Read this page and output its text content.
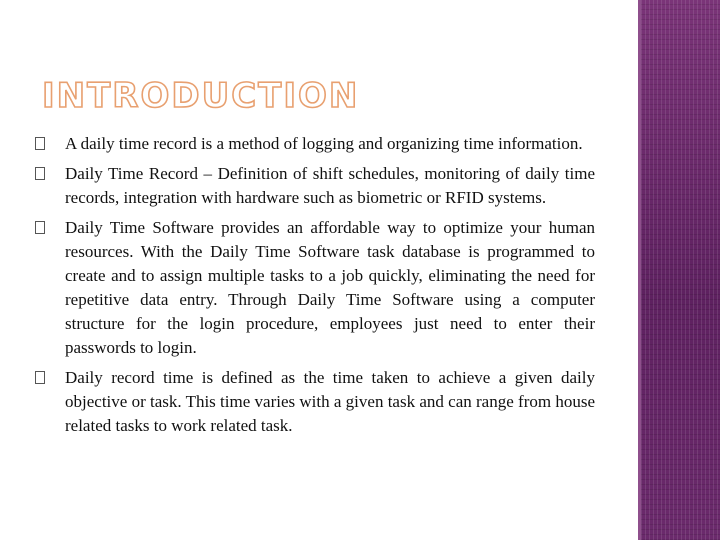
INTRODUCTION
A daily time record is a method of logging and organizing time information.
Daily Time Record – Definition of shift schedules, monitoring of daily time records, integration with hardware such as biometric or RFID systems.
Daily Time Software provides an affordable way to optimize your human resources. With the Daily Time Software task database is programmed to create and to assign multiple tasks to a job quickly, eliminating the need for repetitive data entry. Through Daily Time Software using a computer structure for the login procedure, employees just need to enter their passwords to login.
Daily record time is defined as the time taken to achieve a given daily objective or task. This time varies with a given task and can range from house related tasks to work related task.
